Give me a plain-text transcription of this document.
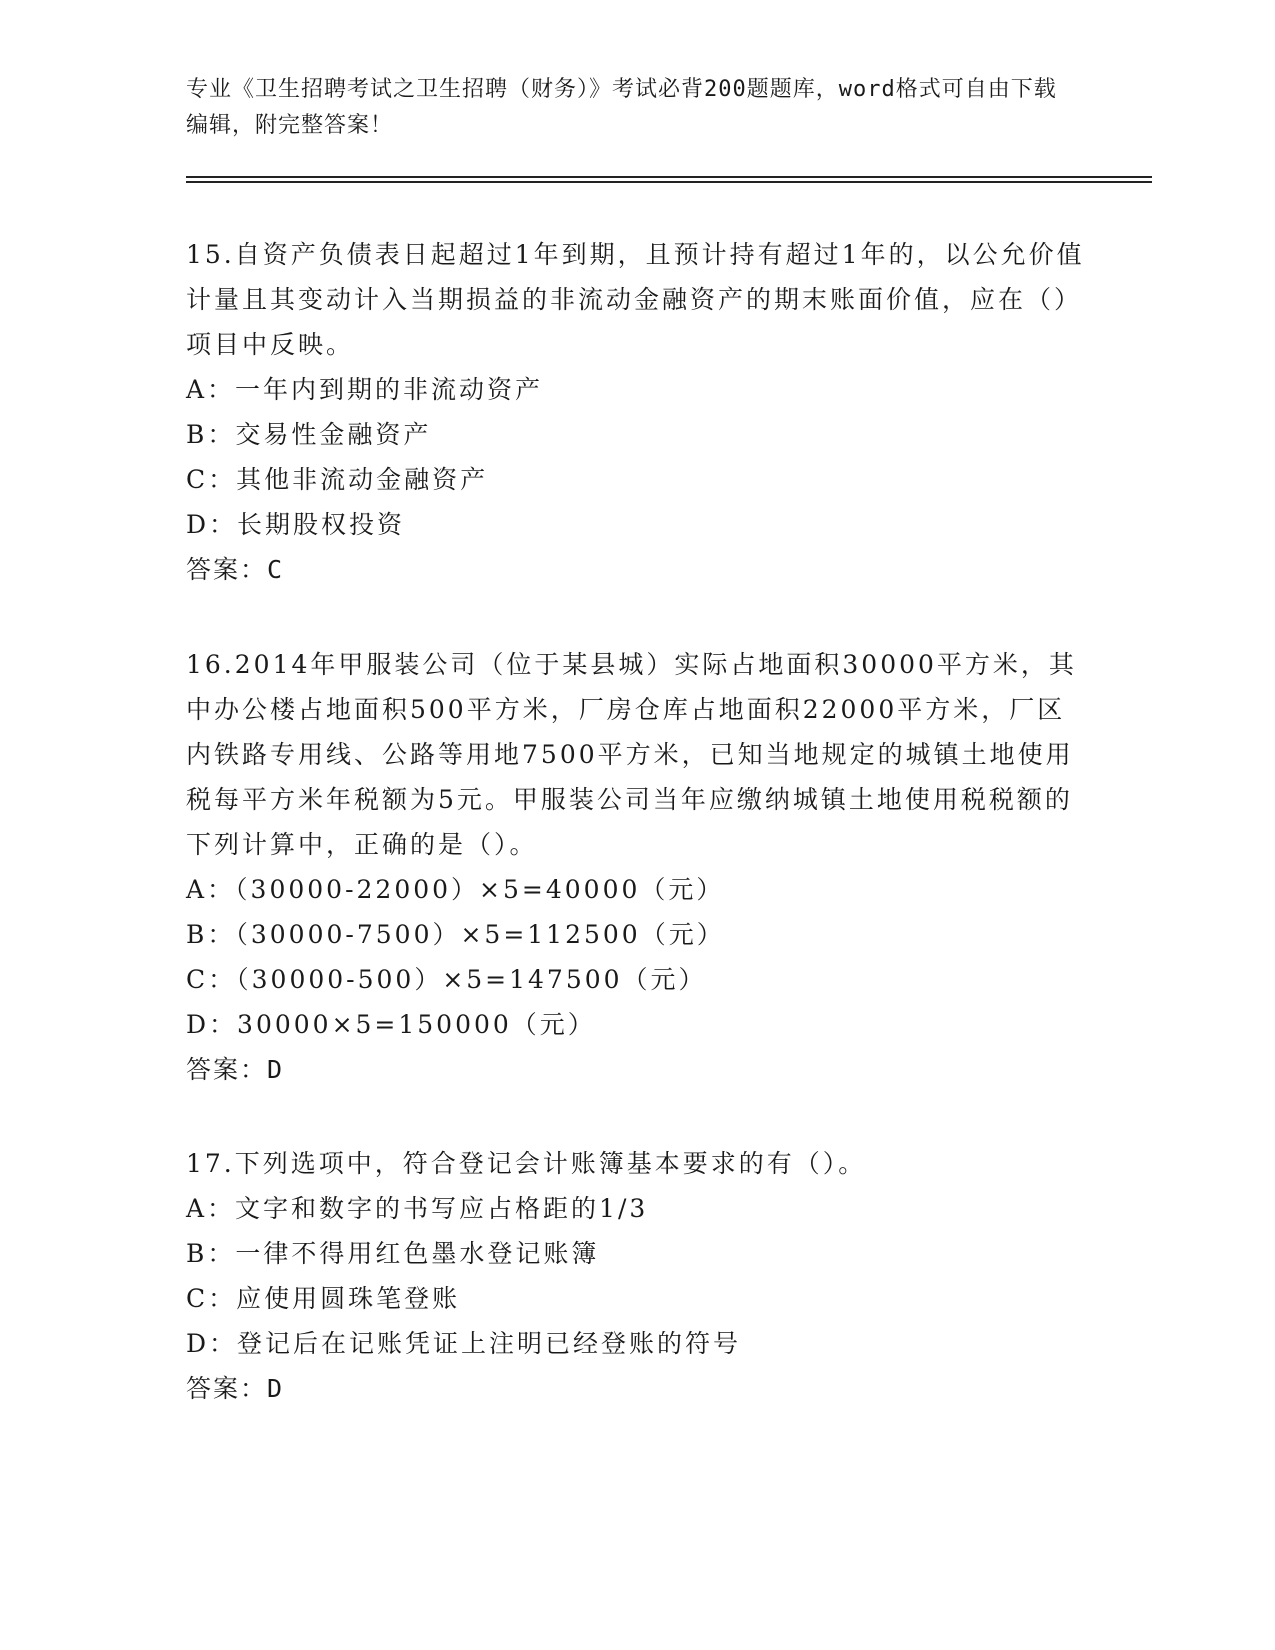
专业《卫生招聘考试之卫生招聘（财务）》考试必背200题题库，word格式可自由下载编辑，附完整答案！
15.自资产负债表日起超过1年到期，且预计持有超过1年的，以公允价值计量且其变动计入当期损益的非流动金融资产的期末账面价值，应在（）项目中反映。
A：一年内到期的非流动资产
B：交易性金融资产
C：其他非流动金融资产
D：长期股权投资
答案：C
16.2014年甲服装公司（位于某县城）实际占地面积30000平方米，其中办公楼占地面积500平方米，厂房仓库占地面积22000平方米，厂区内铁路专用线、公路等用地7500平方米，已知当地规定的城镇土地使用税每平方米年税额为5元。甲服装公司当年应缴纳城镇土地使用税税额的下列计算中，正确的是（）。
A：（30000-22000）×5=40000（元）
B：（30000-7500）×5=112500（元）
C：（30000-500）×5=147500（元）
D：30000×5=150000（元）
答案：D
17.下列选项中，符合登记会计账簿基本要求的有（）。
A：文字和数字的书写应占格距的1/3
B：一律不得用红色墨水登记账簿
C：应使用圆珠笔登账
D：登记后在记账凭证上注明已经登账的符号
答案：D
